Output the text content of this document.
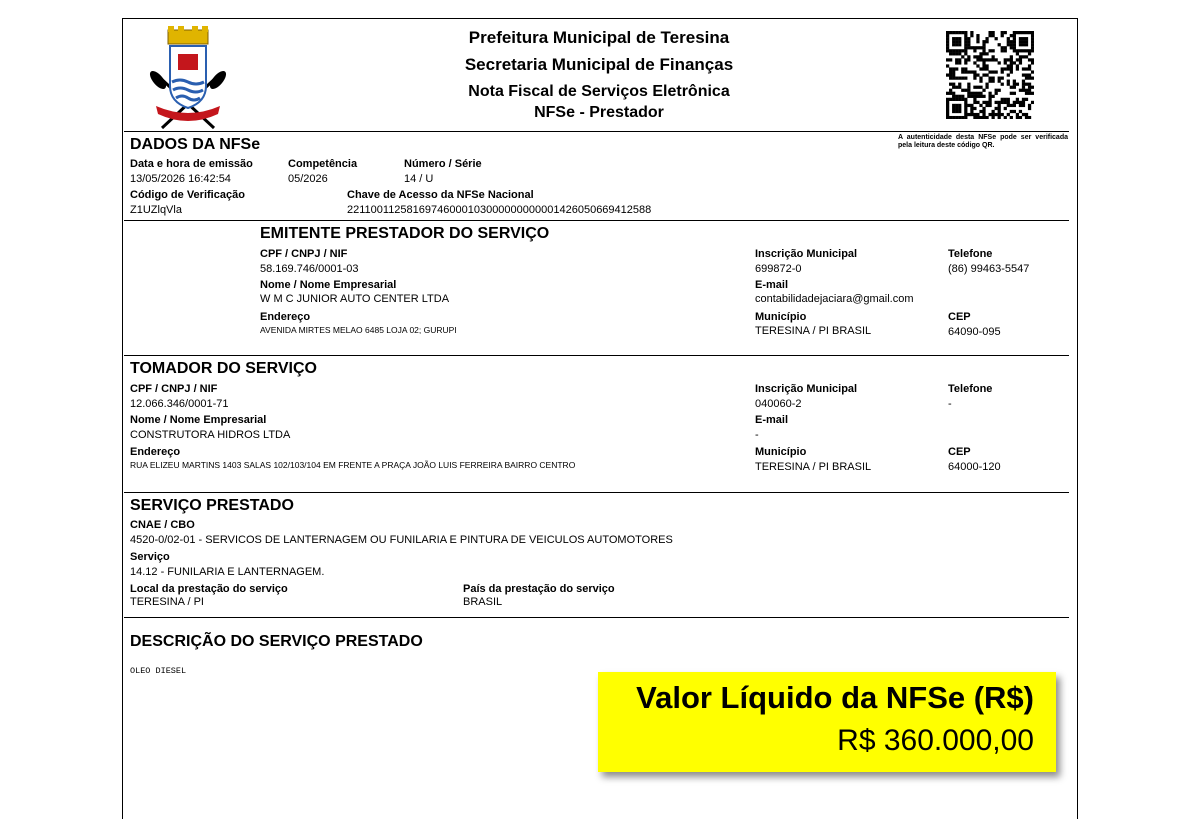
Prefeitura Municipal de Teresina
Secretaria Municipal de Finanças
Nota Fiscal de Serviços Eletrônica
NFSe - Prestador
A autenticidade desta NFSe pode ser verificada pela leitura deste código QR.
DADOS DA NFSe
Data e hora de emissão
13/05/2026 16:42:54
Competência
05/2026
Número / Série
14 / U
Código de Verificação
Z1UZlqVla
Chave de Acesso da NFSe Nacional
22110011258169746000103000000000001426050669412588
EMITENTE PRESTADOR DO SERVIÇO
CPF / CNPJ / NIF
58.169.746/0001-03
Inscrição Municipal
699872-0
Telefone
(86) 99463-5547
Nome / Nome Empresarial
W M C JUNIOR AUTO CENTER LTDA
E-mail
contabilidadejaciara@gmail.com
Endereço
AVENIDA MIRTES MELAO 6485 LOJA 02; GURUPI
Município
TERESINA / PI BRASIL
CEP
64090-095
TOMADOR DO SERVIÇO
CPF / CNPJ / NIF
12.066.346/0001-71
Inscrição Municipal
040060-2
Telefone
-
Nome / Nome Empresarial
CONSTRUTORA HIDROS LTDA
E-mail
-
Endereço
RUA ELIZEU MARTINS 1403 SALAS 102/103/104 EM FRENTE A PRAÇA JOÃO LUIS FERREIRA BAIRRO CENTRO
Município
TERESINA / PI BRASIL
CEP
64000-120
SERVIÇO PRESTADO
CNAE / CBO
4520-0/02-01 - SERVICOS DE LANTERNAGEM OU FUNILARIA E PINTURA DE VEICULOS AUTOMOTORES
Serviço
14.12 - FUNILARIA E LANTERNAGEM.
Local da prestação do serviço
TERESINA / PI
País da prestação do serviço
BRASIL
DESCRIÇÃO DO SERVIÇO PRESTADO
OLEO DIESEL
Valor Líquido da NFSe (R$)
R$ 360.000,00
